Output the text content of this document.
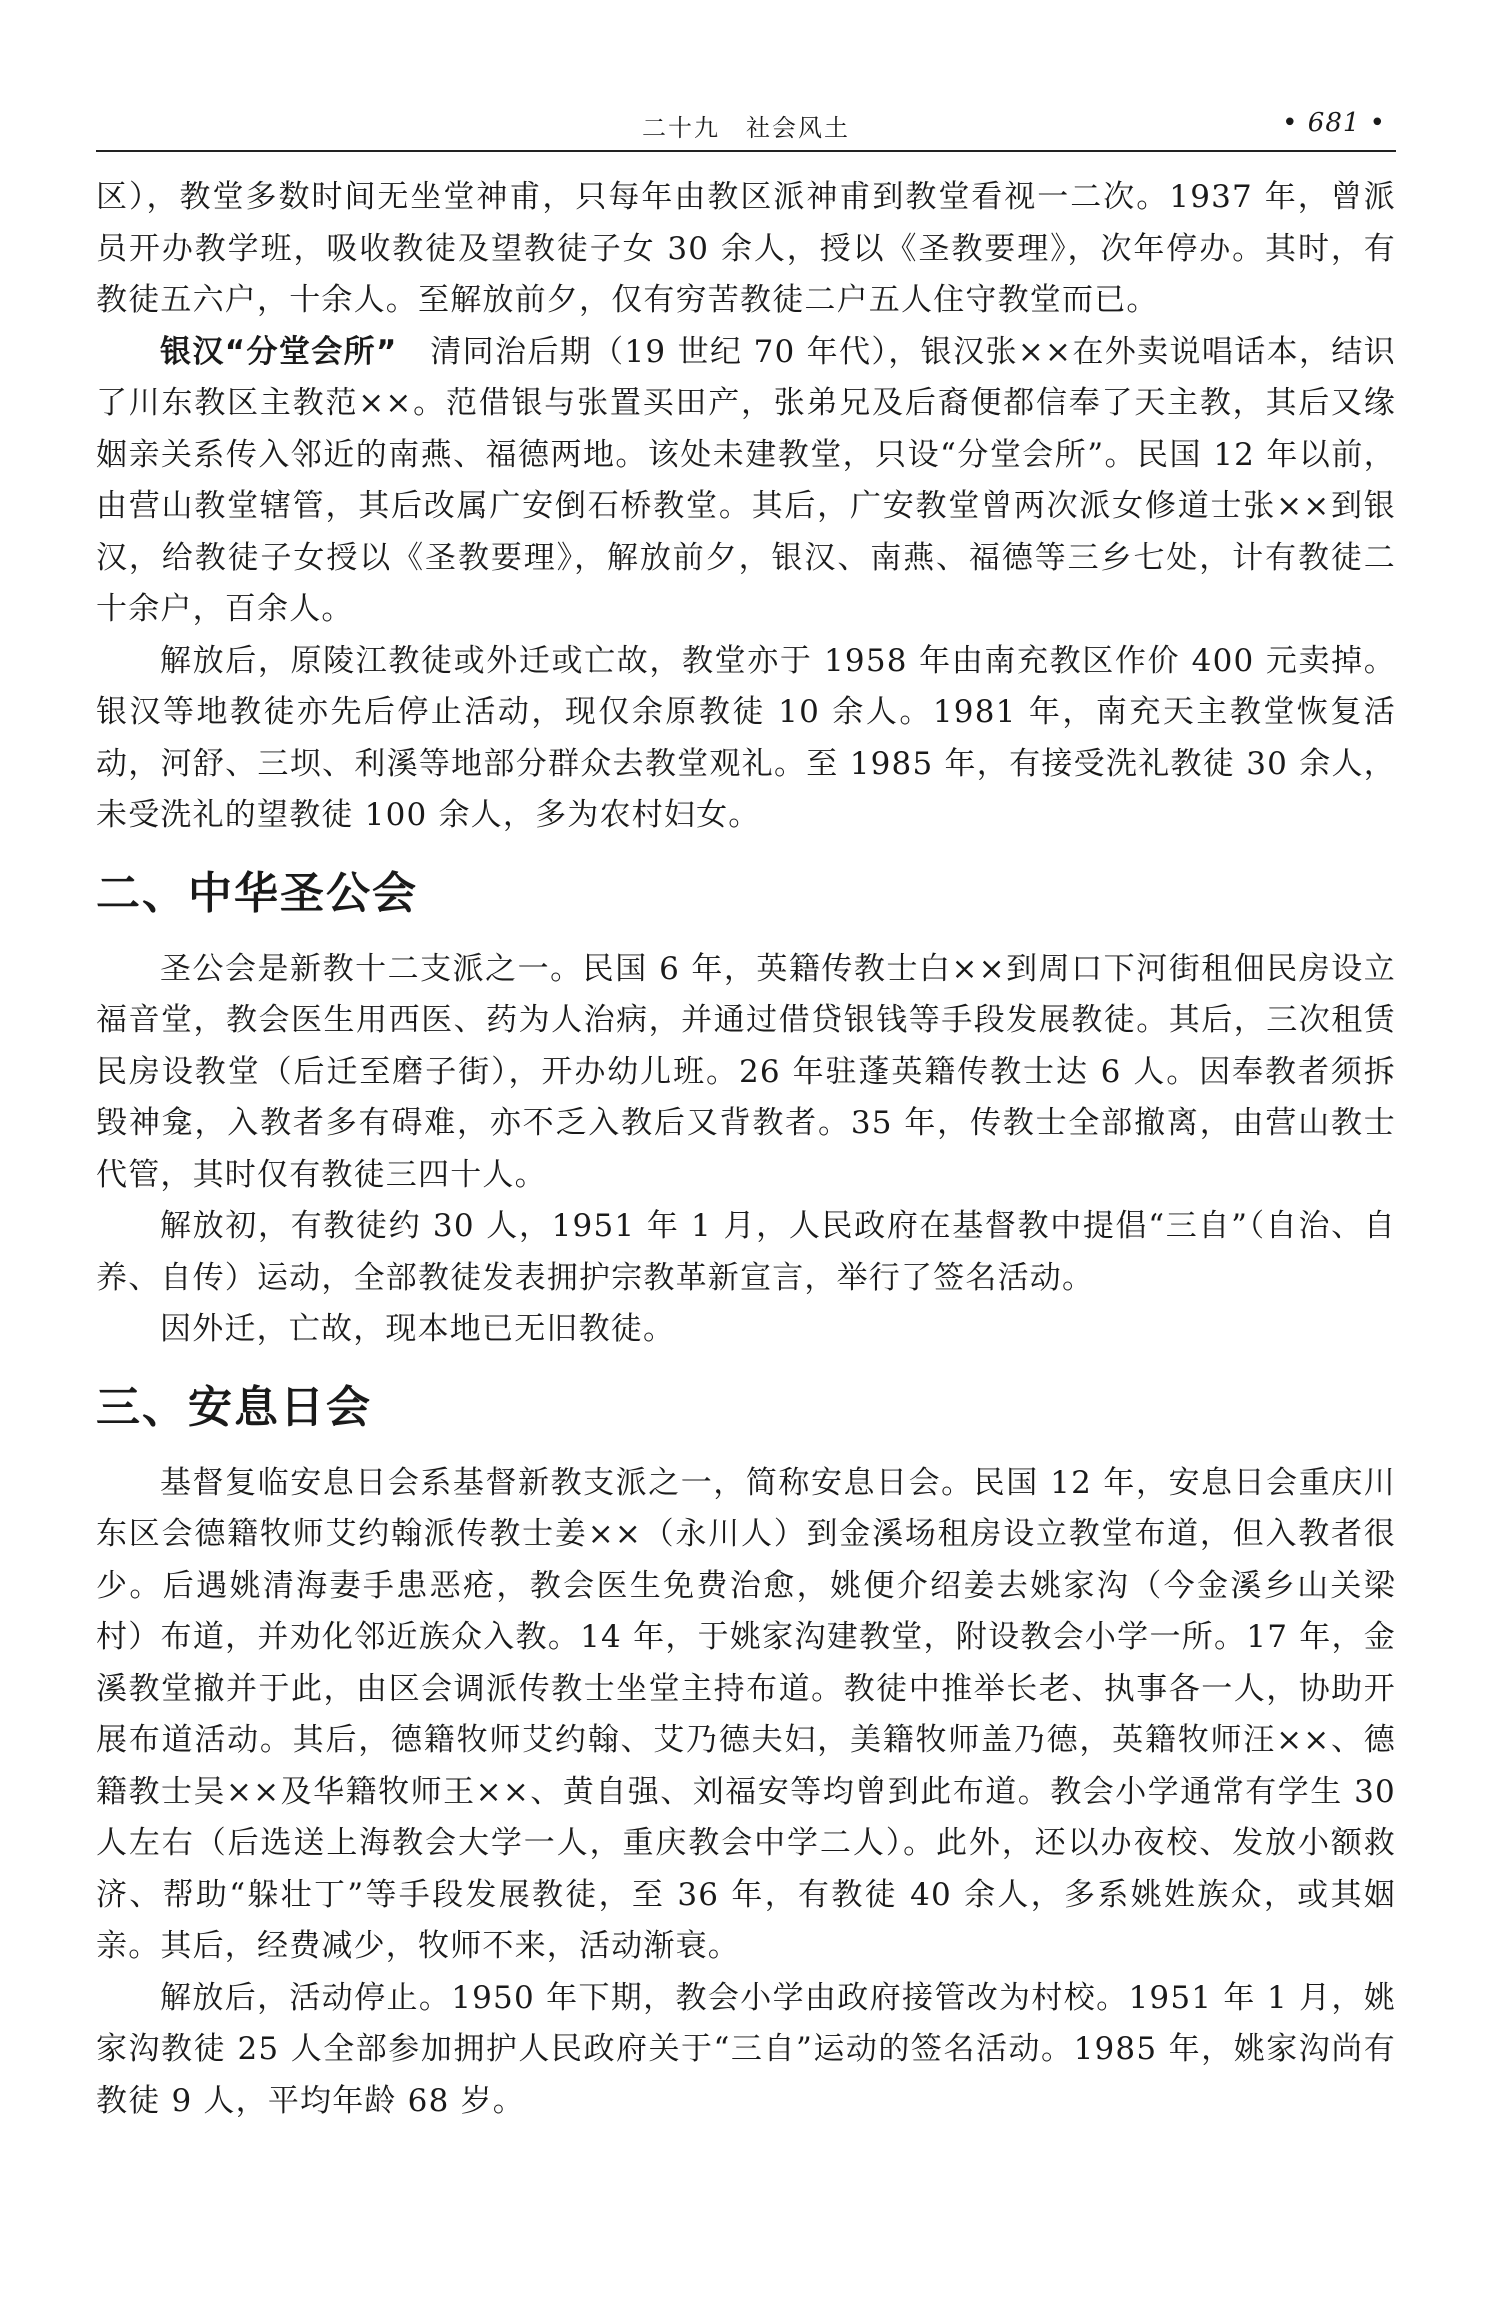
二十九　社会风土	• 681 •

区），教堂多数时间无坐堂神甫，只每年由教区派神甫到教堂看视一二次。1937 年，曾派员开办教学班，吸收教徒及望教徒子女 30 余人，授以《圣教要理》，次年停办。其时，有教徒五六户，十余人。至解放前夕，仅有穷苦教徒二户五人住守教堂而已。

银汉“分堂会所”　 清同治后期（19 世纪 70 年代），银汉张××在外卖说唱话本，结识了川东教区主教范××。范借银与张置买田产，张弟兄及后裔便都信奉了天主教，其后又缘姻亲关系传入邻近的南燕、福德两地。该处未建教堂，只设“分堂会所”。民国 12 年以前，由营山教堂辖管，其后改属广安倒石桥教堂。其后，广安教堂曾两次派女修道士张××到银汉，给教徒子女授以《圣教要理》，解放前夕，银汉、南燕、福德等三乡七处，计有教徒二十余户，百余人。

解放后，原陵江教徒或外迁或亡故，教堂亦于 1958 年由南充教区作价 400 元卖掉。银汉等地教徒亦先后停止活动，现仅余原教徒 10 余人。1981 年，南充天主教堂恢复活动，河舒、三坝、利溪等地部分群众去教堂观礼。至 1985 年，有接受洗礼教徒 30 余人，未受洗礼的望教徒 100 余人，多为农村妇女。

二、中华圣公会

圣公会是新教十二支派之一。民国 6 年，英籍传教士白××到周口下河街租佃民房设立福音堂，教会医生用西医、药为人治病，并通过借贷银钱等手段发展教徒。其后，三次租赁民房设教堂（后迁至磨子街），开办幼儿班。26 年驻蓬英籍传教士达 6 人。因奉教者须拆毁神龛，入教者多有碍难，亦不乏入教后又背教者。35 年，传教士全部撤离，由营山教士代管，其时仅有教徒三四十人。

解放初，有教徒约 30 人，1951 年 1 月，人民政府在基督教中提倡“三自”（自治、自养、自传）运动，全部教徒发表拥护宗教革新宣言，举行了签名活动。

因外迁，亡故，现本地已无旧教徒。

三、安息日会

基督复临安息日会系基督新教支派之一，简称安息日会。民国 12 年，安息日会重庆川东区会德籍牧师艾约翰派传教士姜××（永川人）到金溪场租房设立教堂布道，但入教者很少。后遇姚清海妻手患恶疮，教会医生免费治愈，姚便介绍姜去姚家沟（今金溪乡山关梁村）布道，并劝化邻近族众入教。14 年，于姚家沟建教堂，附设教会小学一所。17 年，金溪教堂撤并于此，由区会调派传教士坐堂主持布道。教徒中推举长老、执事各一人，协助开展布道活动。其后，德籍牧师艾约翰、艾乃德夫妇，美籍牧师盖乃德，英籍牧师汪××、德籍教士吴××及华籍牧师王××、黄自强、刘福安等均曾到此布道。教会小学通常有学生 30 人左右（后选送上海教会大学一人，重庆教会中学二人）。此外，还以办夜校、发放小额救济、帮助“躲壮丁”等手段发展教徒，至 36 年，有教徒 40 余人，多系姚姓族众，或其姻亲。其后，经费减少，牧师不来，活动渐衰。

解放后，活动停止。1950 年下期，教会小学由政府接管改为村校。1951 年 1 月，姚家沟教徒 25 人全部参加拥护人民政府关于“三自”运动的签名活动。1985 年，姚家沟尚有教徒 9 人，平均年龄 68 岁。
